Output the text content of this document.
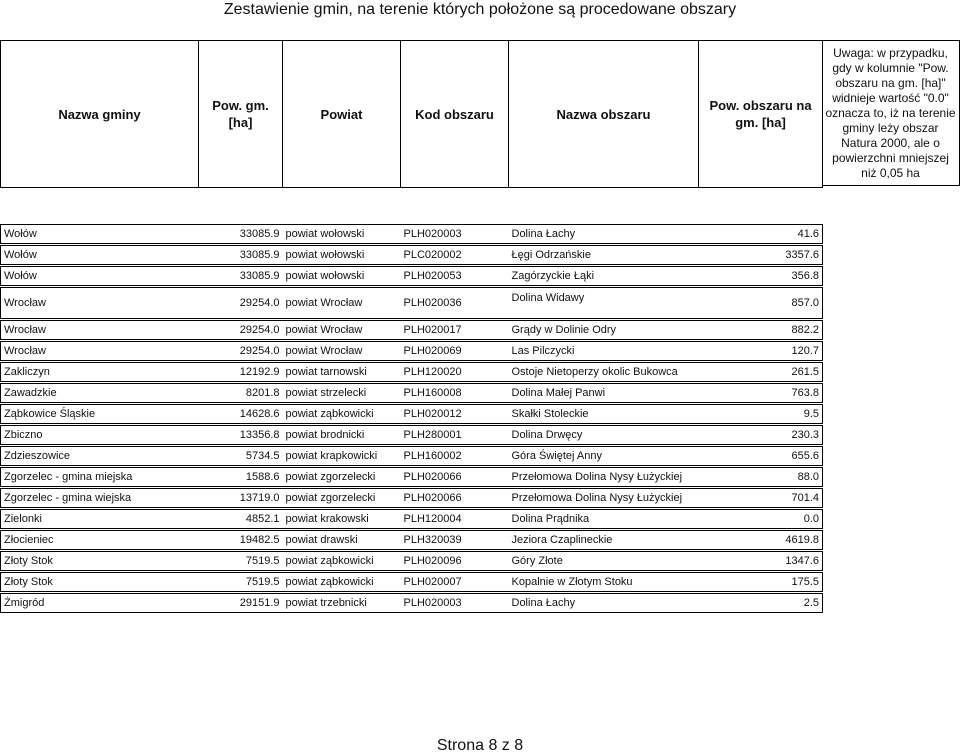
Zestawienie gmin, na terenie których położone są procedowane obszary
Nazwa gminy	Pow. gm. [ha]	Powiat	Kod obszaru	Nazwa obszaru	Pow. obszaru na gm. [ha]

Wołów	33085.9	powiat wołowski	PLH020003	Dolina Łachy	41.6

Wołów	33085.9	powiat wołowski	PLC020002	Łęgi Odrzańskie	3357.6

Wołów	33085.9	powiat wołowski	PLH020053	Zagórzyckie Łąki	356.8

Wrocław	29254.0	powiat Wrocław	PLH020036	Dolina Widawy	857.0

Wrocław	29254.0	powiat Wrocław	PLH020017	Grądy w Dolinie Odry	882.2

Wrocław	29254.0	powiat Wrocław	PLH020069	Las Pilczycki	120.7

Zakliczyn	12192.9	powiat tarnowski	PLH120020	Ostoje Nietoperzy okolic Bukowca	261.5

Zawadzkie	8201.8	powiat strzelecki	PLH160008	Dolina Małej Panwi	763.8

Ząbkowice Śląskie	14628.6	powiat ząbkowicki	PLH020012	Skałki Stoleckie	9.5

Zbiczno	13356.8	powiat brodnicki	PLH280001	Dolina Drwęcy	230.3

Zdzieszowice	5734.5	powiat krapkowicki	PLH160002	Góra Świętej Anny	655.6

Zgorzelec - gmina miejska	1588.6	powiat zgorzelecki	PLH020066	Przełomowa Dolina Nysy Łużyckiej	88.0

Zgorzelec - gmina wiejska	13719.0	powiat zgorzelecki	PLH020066	Przełomowa Dolina Nysy Łużyckiej	701.4

Zielonki	4852.1	powiat krakowski	PLH120004	Dolina Prądnika	0.0

Złocieniec	19482.5	powiat drawski	PLH320039	Jeziora Czaplineckie	4619.8

Złoty Stok	7519.5	powiat ząbkowicki	PLH020096	Góry Złote	1347.6

Złoty Stok	7519.5	powiat ząbkowicki	PLH020007	Kopalnie w Złotym Stoku	175.5

Żmigród	29151.9	powiat trzebnicki	PLH020003	Dolina Łachy	2.5
Uwaga: w przypadku, gdy w kolumnie "Pow. obszaru na gm. [ha]" widnieje wartość "0.0" oznacza to, iż na terenie gminy leży obszar Natura 2000, ale o powierzchni mniejszej niż 0,05 ha
Strona 8 z 8
